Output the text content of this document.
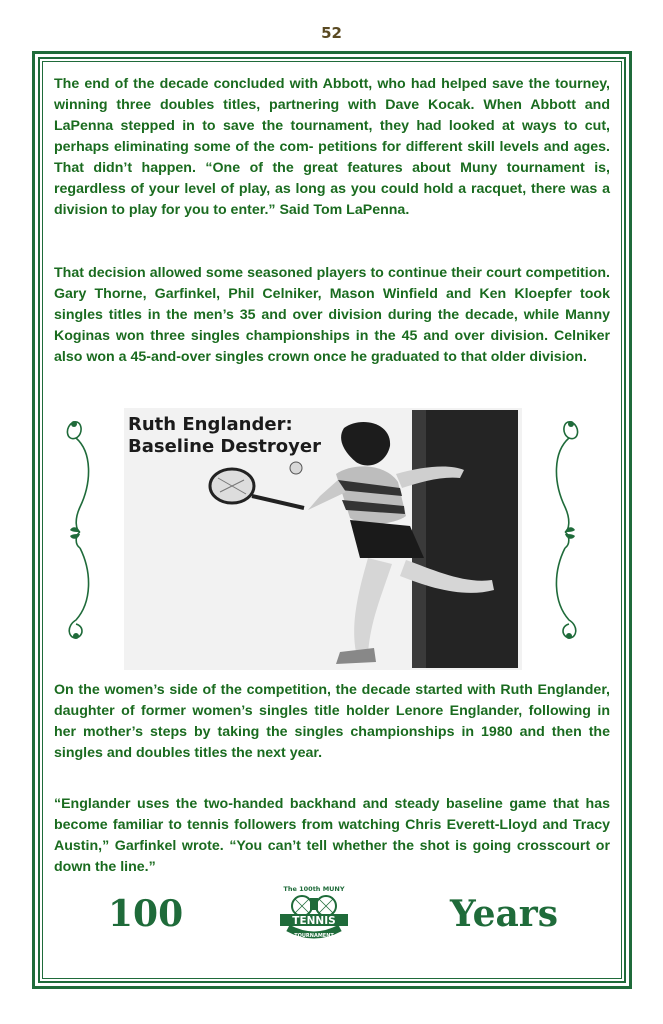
52

The end of the decade concluded with Abbott, who had helped save the tourney, winning three doubles titles, partnering with Dave Kocak. When Abbott and LaPenna stepped in to save the tournament, they had looked at ways to cut, perhaps eliminating some of the com- petitions for different skill levels and ages. That didn’t happen. “One of the great features about Muny tournament is, regardless of your level of play, as long as you could hold a racquet, there was a division to play for you to enter.” Said Tom LaPenna.

That decision allowed some seasoned players to continue their court competition. Gary Thorne, Garfinkel, Phil Celniker, Mason Winfield and Ken Kloepfer took singles titles in the men’s 35 and over division during the decade, while Manny Koginas won three singles championships in the 45 and over division. Celniker also won a 45-and-over singles crown once he graduated to that older division.

Ruth Englander:
Baseline Destroyer

On the women’s side of the competition, the decade started with Ruth Englander, daughter of former women’s singles title holder Lenore Englander, following in her mother’s steps by taking the singles championships in 1980 and then the singles and doubles titles the next year.

“Englander uses the two-handed backhand and steady baseline game that has become familiar to tennis followers from watching Chris Everett-Lloyd and Tracy Austin,” Garfinkel wrote. “You can’t tell whether the shot is going crosscourt or down the line.”

100
The 100th MUNY
TENNIS
TOURNAMENT
Years
